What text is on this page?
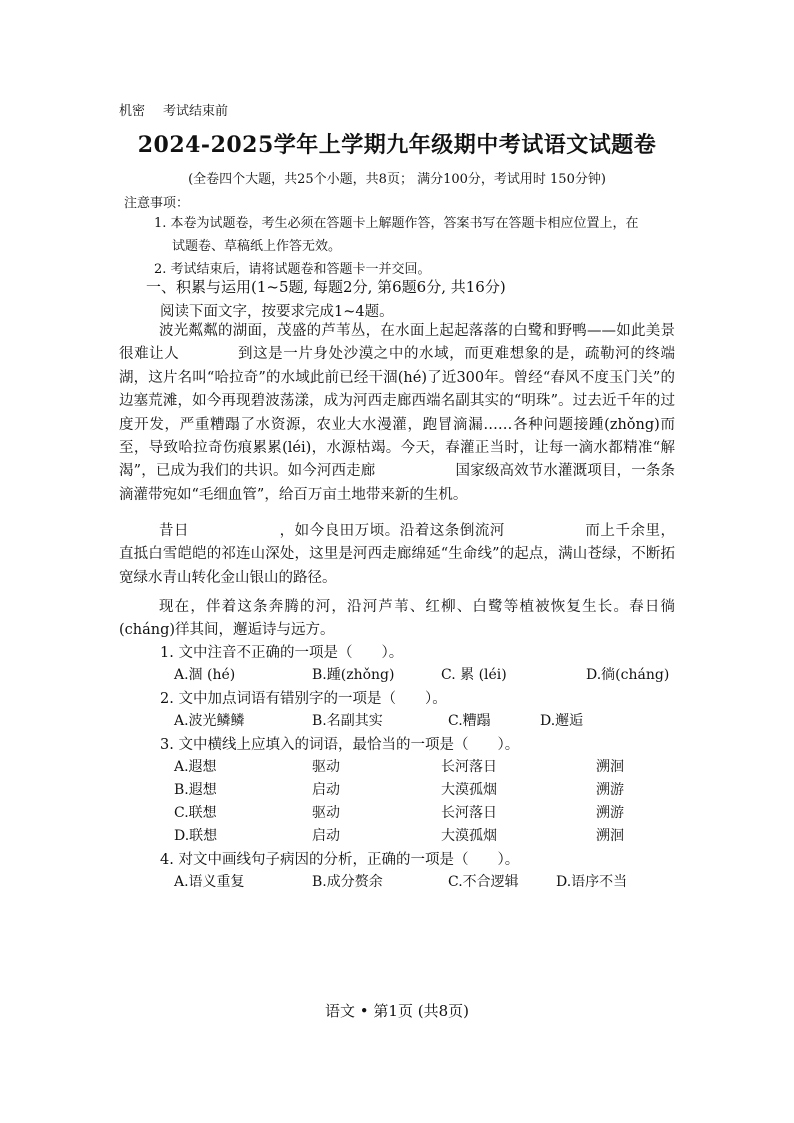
机密 考试结束前
2024-2025学年上学期九年级期中考试语文试题卷
(全卷四个大题，共25个小题，共8页； 满分100分，考试用时 150分钟)
注意事项：
1. 本卷为试题卷，考生必须在答题卡上解题作答，答案书写在答题卡相应位置上，在
试题卷、草稿纸上作答无效。
2. 考试结束后，请将试题卷和答题卡一并交回。
一、积累与运用(1~5题, 每题2分, 第6题6分, 共16分)
阅读下面文字，按要求完成1~4题。
波光粼粼的湖面，茂盛的芦苇丛，在水面上起起落落的白鹭和野鸭——如此美景很难让人	到这是一片身处沙漠之中的水域，而更难想象的是，疏勒河的终端湖，这片名叫“哈拉奇”的水域此前已经干涸(hé)了近300年。曾经“春风不度玉门关”的边塞荒滩，如今再现碧波荡漾，成为河西走廊西端名副其实的“明珠”。过去近千年的过度开发，严重糟蹋了水资源，农业大水漫灌，跑冒滴漏……各种问题接踵(zhǒng)而至，导致哈拉奇伤痕累累(léi)，水源枯竭。今天，春灌正当时，让每一滴水都精准“解渴”，已成为我们的共识。如今河西走廊	国家级高效节水灌溉项目，一条条滴灌带宛如“毛细血管”，给百万亩土地带来新的生机。
昔日	，如今良田万顷。沿着这条倒流河	而上千余里，直抵白雪皑皑的祁连山深处，这里是河西走廊绵延“生命线”的起点，满山苍绿，不断拓宽绿水青山转化金山银山的路径。
现在，伴着这条奔腾的河，沿河芦苇、红柳、白鹭等植被恢复生长。春日徜(cháng)徉其间，邂逅诗与远方。
1. 文中注音不正确的一项是（　　）。
A.涸 (hé)	B.踵(zhǒng)	C. 累 (léi)	D.徜(cháng)
2. 文中加点词语有错别字的一项是（　　）。
A.波光鳞鳞	B.名副其实	C.糟蹋	D.邂逅
3. 文中横线上应填入的词语，最恰当的一项是（　　）。
A.遐想	驱动	长河落日	溯洄
B.遐想	启动	大漠孤烟	溯游
C.联想	驱动	长河落日	溯游
D.联想	启动	大漠孤烟	溯洄
4. 对文中画线句子病因的分析，正确的一项是（　　）。
A.语义重复	B.成分赘余	C.不合逻辑	D.语序不当
语文 • 第1页 (共8页)
